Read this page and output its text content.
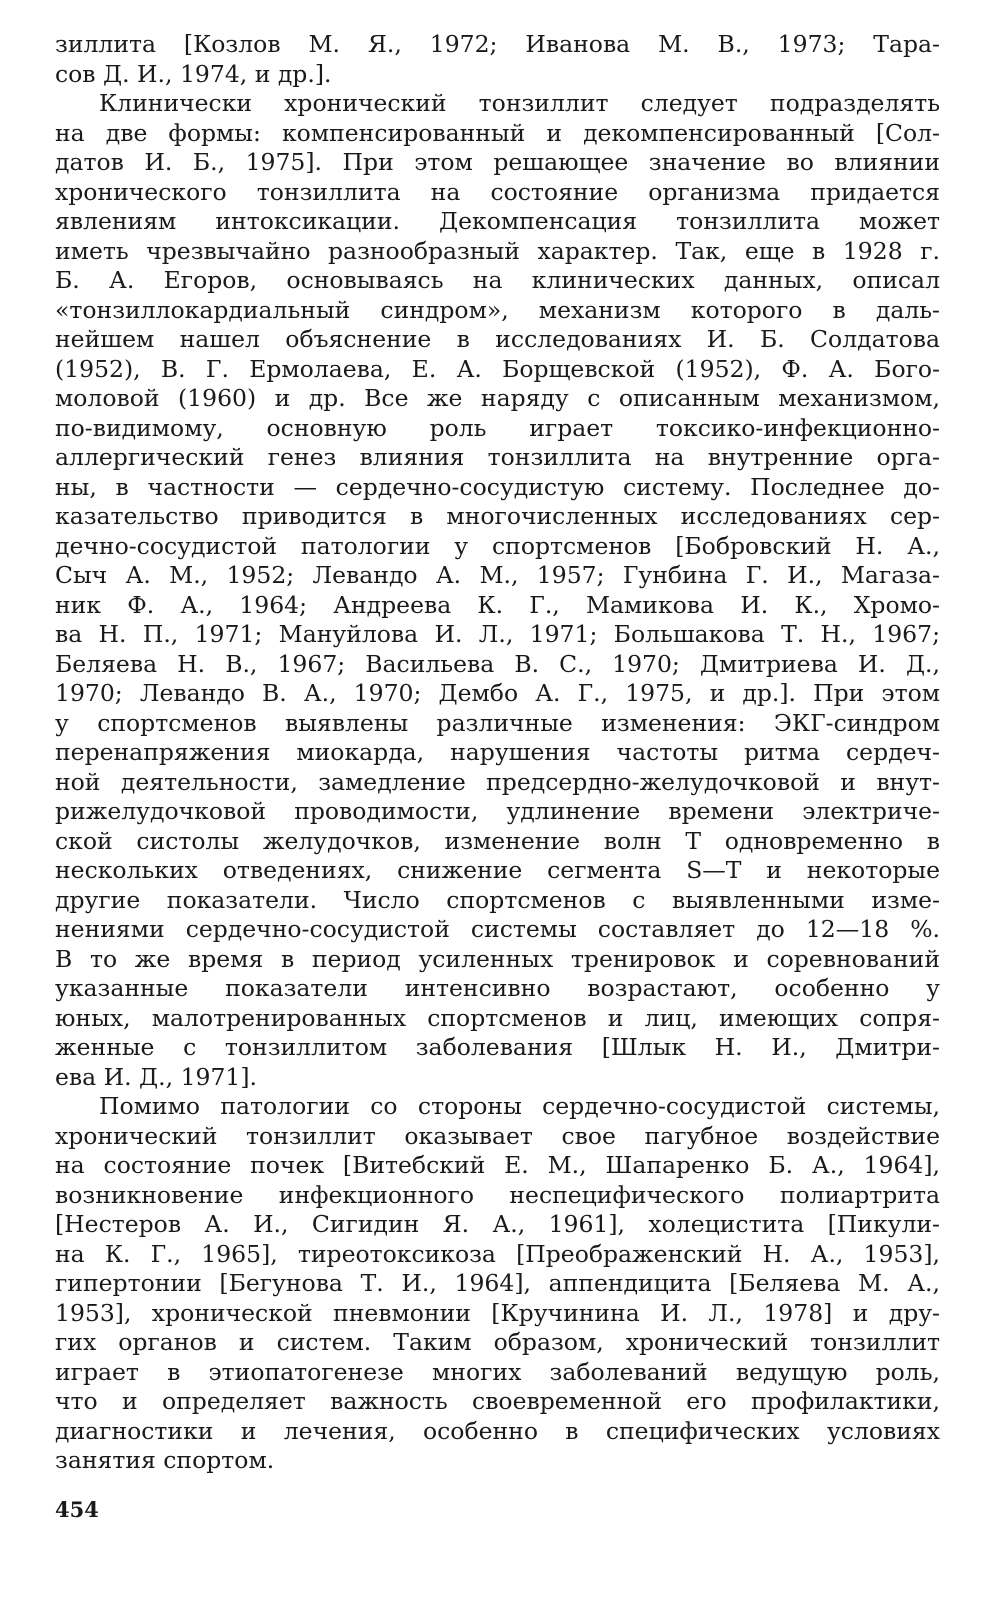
зиллита [Козлов М. Я., 1972; Иванова М. В., 1973; Тара-
сов Д. И., 1974, и др.].
Клинически хронический тонзиллит следует подразделять
на две формы: компенсированный и декомпенсированный [Сол-
датов И. Б., 1975]. При этом решающее значение во влиянии
хронического тонзиллита на состояние организма придается
явлениям интоксикации. Декомпенсация тонзиллита может
иметь чрезвычайно разнообразный характер. Так, еще в 1928 г.
Б. А. Егоров, основываясь на клинических данных, описал
«тонзиллокардиальный синдром», механизм которого в даль-
нейшем нашел объяснение в исследованиях И. Б. Солдатова
(1952), В. Г. Ермолаева, Е. А. Борщевской (1952), Ф. А. Бого-
моловой (1960) и др. Все же наряду с описанным механизмом,
по-видимому, основную роль играет токсико-инфекционно-
аллергический генез влияния тонзиллита на внутренние орга-
ны, в частности — сердечно-сосудистую систему. Последнее до-
казательство приводится в многочисленных исследованиях сер-
дечно-сосудистой патологии у спортсменов [Бобровский Н. А.,
Сыч А. М., 1952; Левандо А. М., 1957; Гунбина Г. И., Магаза-
ник Ф. А., 1964; Андреева К. Г., Мамикова И. К., Хромо-
ва Н. П., 1971; Мануйлова И. Л., 1971; Большакова Т. Н., 1967;
Беляева Н. В., 1967; Васильева В. С., 1970; Дмитриева И. Д.,
1970; Левандо В. А., 1970; Дембо А. Г., 1975, и др.]. При этом
у спортсменов выявлены различные изменения: ЭКГ-синдром
перенапряжения миокарда, нарушения частоты ритма сердеч-
ной деятельности, замедление предсердно-желудочковой и внут-
рижелудочковой проводимости, удлинение времени электриче-
ской систолы желудочков, изменение волн T одновременно в
нескольких отведениях, снижение сегмента S—T и некоторые
другие показатели. Число спортсменов с выявленными изме-
нениями сердечно-сосудистой системы составляет до 12—18 %.
В то же время в период усиленных тренировок и соревнований
указанные показатели интенсивно возрастают, особенно у
юных, малотренированных спортсменов и лиц, имеющих сопря-
женные с тонзиллитом заболевания [Шлык Н. И., Дмитри-
ева И. Д., 1971].
Помимо патологии со стороны сердечно-сосудистой системы,
хронический тонзиллит оказывает свое пагубное воздействие
на состояние почек [Витебский Е. М., Шапаренко Б. А., 1964],
возникновение инфекционного неспецифического полиартрита
[Нестеров А. И., Сигидин Я. А., 1961], холецистита [Пикули-
на К. Г., 1965], тиреотоксикоза [Преображенский Н. А., 1953],
гипертонии [Бегунова Т. И., 1964], аппендицита [Беляева М. А.,
1953], хронической пневмонии [Кручинина И. Л., 1978] и дру-
гих органов и систем. Таким образом, хронический тонзиллит
играет в этиопатогенезе многих заболеваний ведущую роль,
что и определяет важность своевременной его профилактики,
диагностики и лечения, особенно в специфических условиях
занятия спортом.
454
